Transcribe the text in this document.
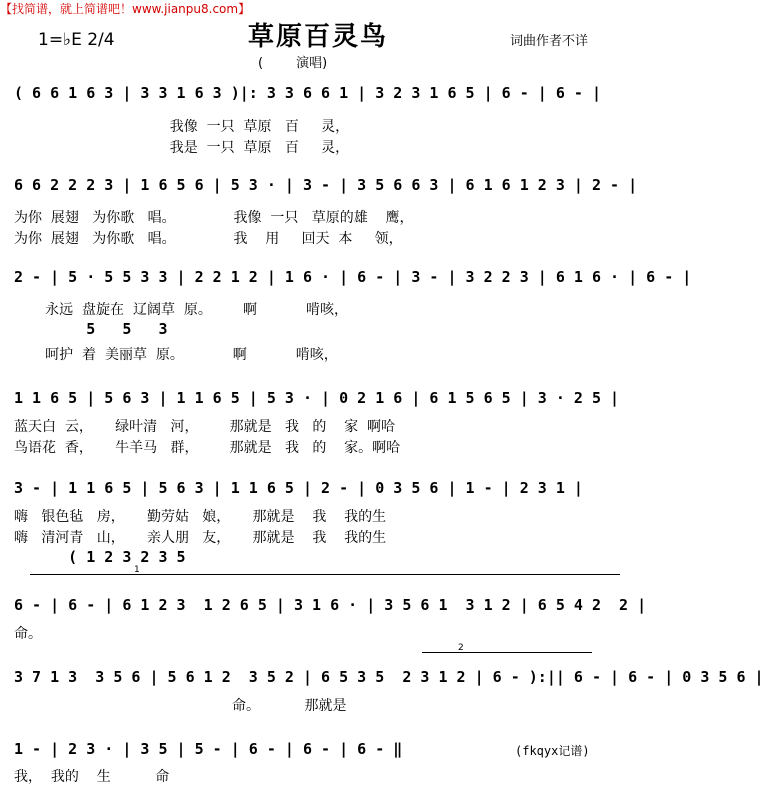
【找简谱，就上简谱吧！www.jianpu8.com】
草原百灵鸟
1=♭E 2/4	词曲作者不详
(        演唱)
( 6 6 1 6 3 | 3 3 1 6 3 )|: 3 3 6 6 1 | 3 2 3 1 6 5 | 6 - | 6 - |
我像  一只  草原   百     灵，
我是  一只  草原   百     灵，
6 6 2 2 2 3 | 1 6 5 6 | 5 3 · | 3 - | 3 5 6 6 3 | 6 1 6 1 2 3 | 2 - |
为你  展翅   为你歌   唱。             我像  一只   草原的雄    鹰，
为你  展翅   为你歌   唱。             我    用     回天  本     领，
2 - | 5 · 5 5 3 3 | 2 2 1 2 | 1 6 · | 6 - | 3 - | 3 2 2 3 | 6 1 6 · | 6 - |
永远  盘旋在  辽阔草  原。       啊           啃咳，
5   5   3
呵护  着  美丽草  原。           啊           啃咳，
1 1 6 5 | 5 6 3 | 1 1 6 5 | 5 3 · | 0 2 1 6 | 6 1 5 6 5 | 3 · 2 5 |
蓝天白  云，     绿叶清   河，       那就是   我   的    家  啊哈
鸟语花  香，     牛羊马   群，       那就是   我   的    家。啊哈
3 - | 1 1 6 5 | 5 6 3 | 1 1 6 5 | 2 - | 0 3 5 6 | 1 - | 2 3 1 |
嗨   银色毡   房，     勤劳姑   娘，     那就是    我    我的生
嗨   清河青   山，     亲人朋   友，     那就是    我    我的生
( 1 2 3 2 3 5
1
6 - | 6 - | 6 1 2 3  1 2 6 5 | 3 1 6 · | 3 5 6 1  3 1 2 | 6 5 4 2  2 |
命。
2
3 7 1 3  3 5 6 | 5 6 1 2  3 5 2 | 6 5 3 5  2 3 1 2 | 6 - ):|| 6 - | 6 - | 0 3 5 6 |
命。          那就是
1 - | 2 3 · | 3 5 | 5 - | 6 - | 6 - | 6 - ‖
我，  我的    生          命
(fkqyx记谱)
